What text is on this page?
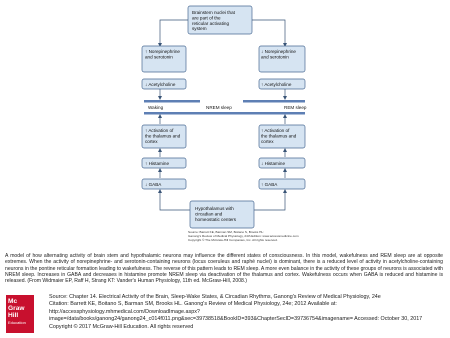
Brainstem nuclei that are part of the reticular activating system
↑ Norepinephrine and serotonin
↓ Acetylcholine
↓ Norepinephrine and serotonin
↑ Acetylcholine
Waking	NREM sleep	REM sleep
↑ Activation of the thalamus and cortex
↑ Activation of the thalamus and cortex
↑ Histamine	↓ Histamine
↓ GABA	↑ GABA
Hypothalamus with circadian and homeostatic centers
Source: Barrett KE, Barman SM, Boitano S, Brooks HL:
Ganong's Review of Medical Physiology, 24th Edition: www.accessmedicine.com
Copyright © The McGraw-Hill Companies, Inc. All rights reserved.
A model of how alternating activity of brain stem and hypothalamic neurons may influence the different states of consciousness. In this model, wakefulness and REM sleep are at opposite extremes. When the activity of norepinephrine- and serotonin-containing neurons (locus coeruleus and raphé nuclei) is dominant, there is a reduced level of activity in acetylcholine-containing neurons in the pontine reticular formation leading to wakefulness. The reverse of this pattern leads to REM sleep. A more even balance in the activity of these groups of neurons is associated with NREM sleep. Increases in GABA and decreases in histamine promote NREM sleep via deactivation of the thalamus and cortex. Wakefulness occurs when GABA is reduced and histamine is released. (From Widmaier EP, Raff H, Strang KT: Vander's Human Physiology, 11th ed. McGraw-Hill, 2008.)
Mc
Graw
Hill
Education
Source: Chapter 14. Electrical Activity of the Brain, Sleep-Wake States, & Circadian Rhythms, Ganong's Review of Medical Physiology, 24e
Citation: Barrett KE, Boitano S, Barman SM, Brooks HL. Ganong's Review of Medical Physiology, 24e; 2012 Available at: http://accessphysiology.mhmedical.com/DownloadImage.aspx?image=/data/books/ganong24/ganong24_c014f011.png&sec=39738518&BookID=393&ChapterSecID=39736754&imagename= Accessed: October 30, 2017
Copyright © 2017 McGraw-Hill Education. All rights reserved
